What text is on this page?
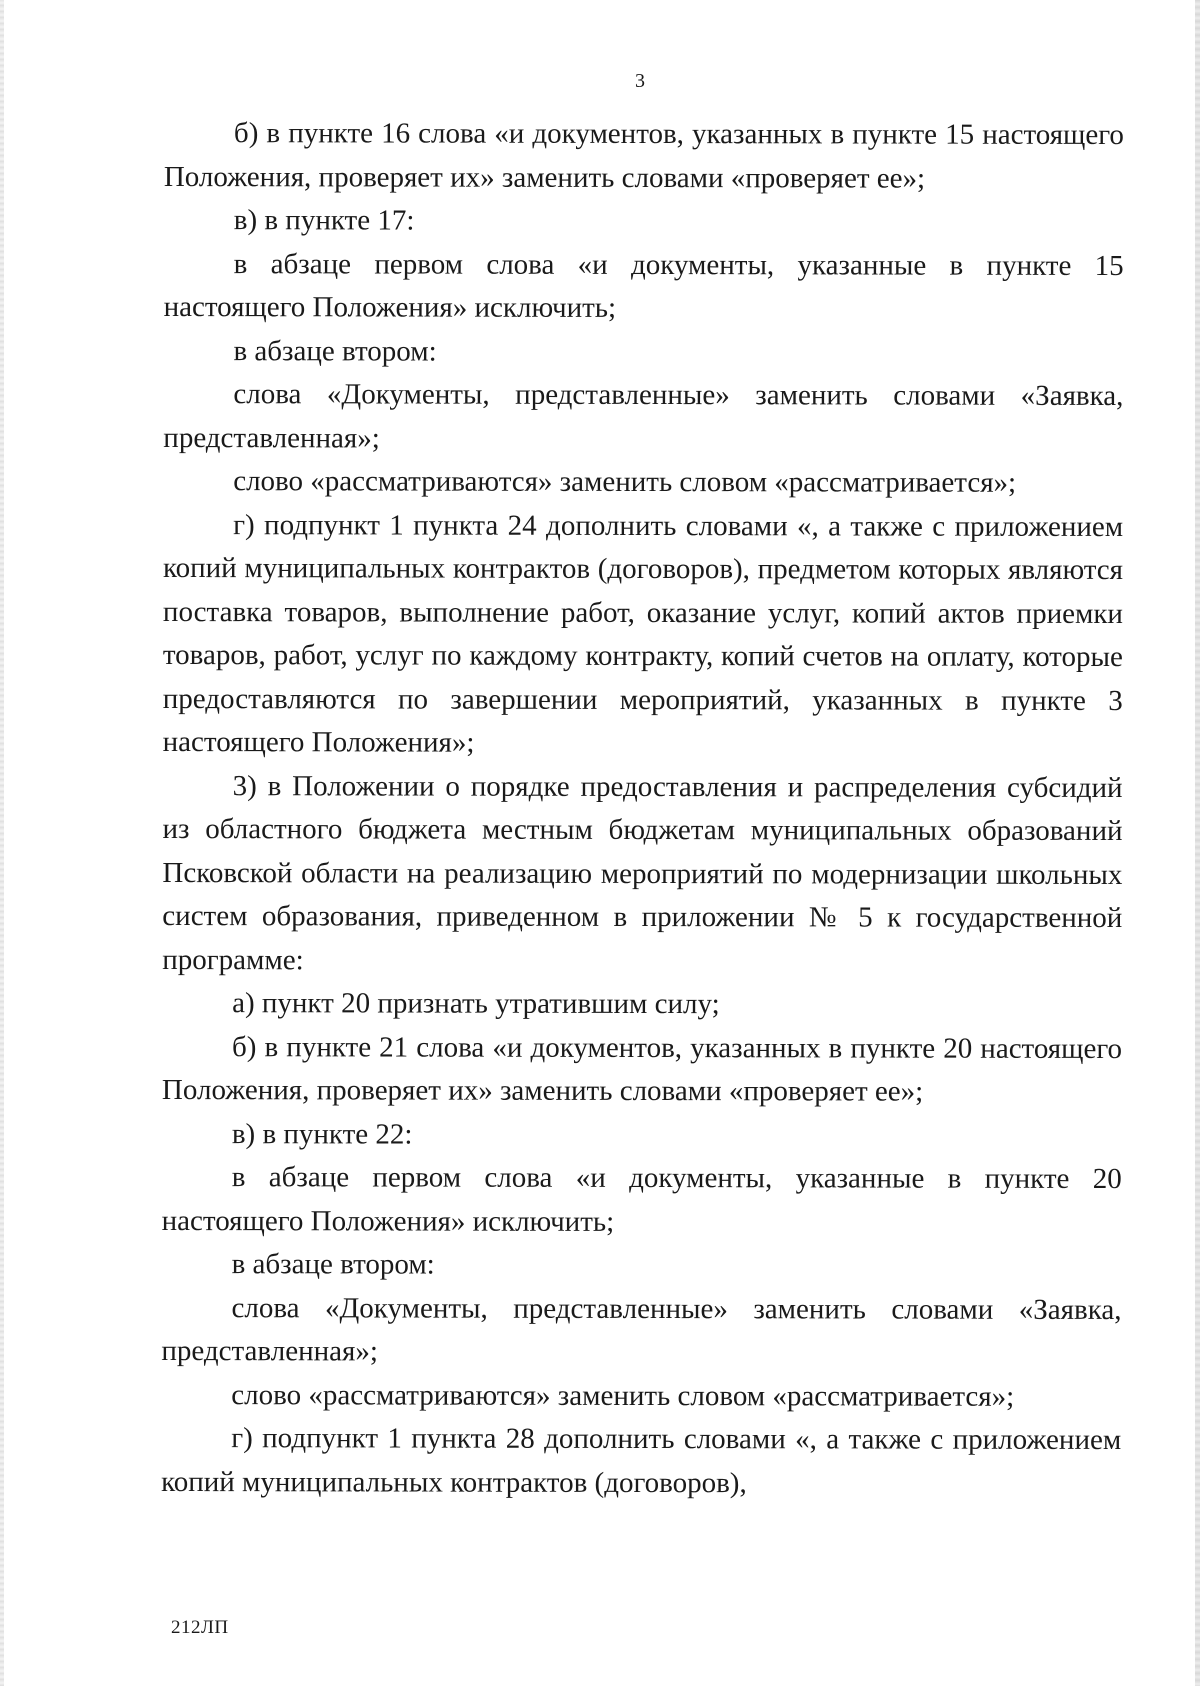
3

б) в пункте 16 слова «и документов, указанных в пункте 15 настоящего Положения, проверяет их» заменить словами «проверяет ее»;

в) в пункте 17:

в абзаце первом слова «и документы, указанные в пункте 15 настоящего Положения» исключить;

в абзаце втором:

слова «Документы, представленные» заменить словами «Заявка, представленная»;

слово «рассматриваются» заменить словом «рассматривается»;

г) подпункт 1 пункта 24 дополнить словами «, а также с приложением копий муниципальных контрактов (договоров), предметом которых являются поставка товаров, выполнение работ, оказание услуг, копий актов приемки товаров, работ, услуг по каждому контракту, копий счетов на оплату, которые предоставляются по завершении мероприятий, указанных в пункте 3 настоящего Положения»;

3) в Положении о порядке предоставления и распределения субсидий из областного бюджета местным бюджетам муниципальных образований Псковской области на реализацию мероприятий по модернизации школьных систем образования, приведенном в приложении № 5 к государственной программе:

а) пункт 20 признать утратившим силу;

б) в пункте 21 слова «и документов, указанных в пункте 20 настоящего Положения, проверяет их» заменить словами «проверяет ее»;

в) в пункте 22:

в абзаце первом слова «и документы, указанные в пункте 20 настоящего Положения» исключить;

в абзаце втором:

слова «Документы, представленные» заменить словами «Заявка, представленная»;

слово «рассматриваются» заменить словом «рассматривается»;

г) подпункт 1 пункта 28 дополнить словами «, а также с приложением копий муниципальных контрактов (договоров),

212ЛП
